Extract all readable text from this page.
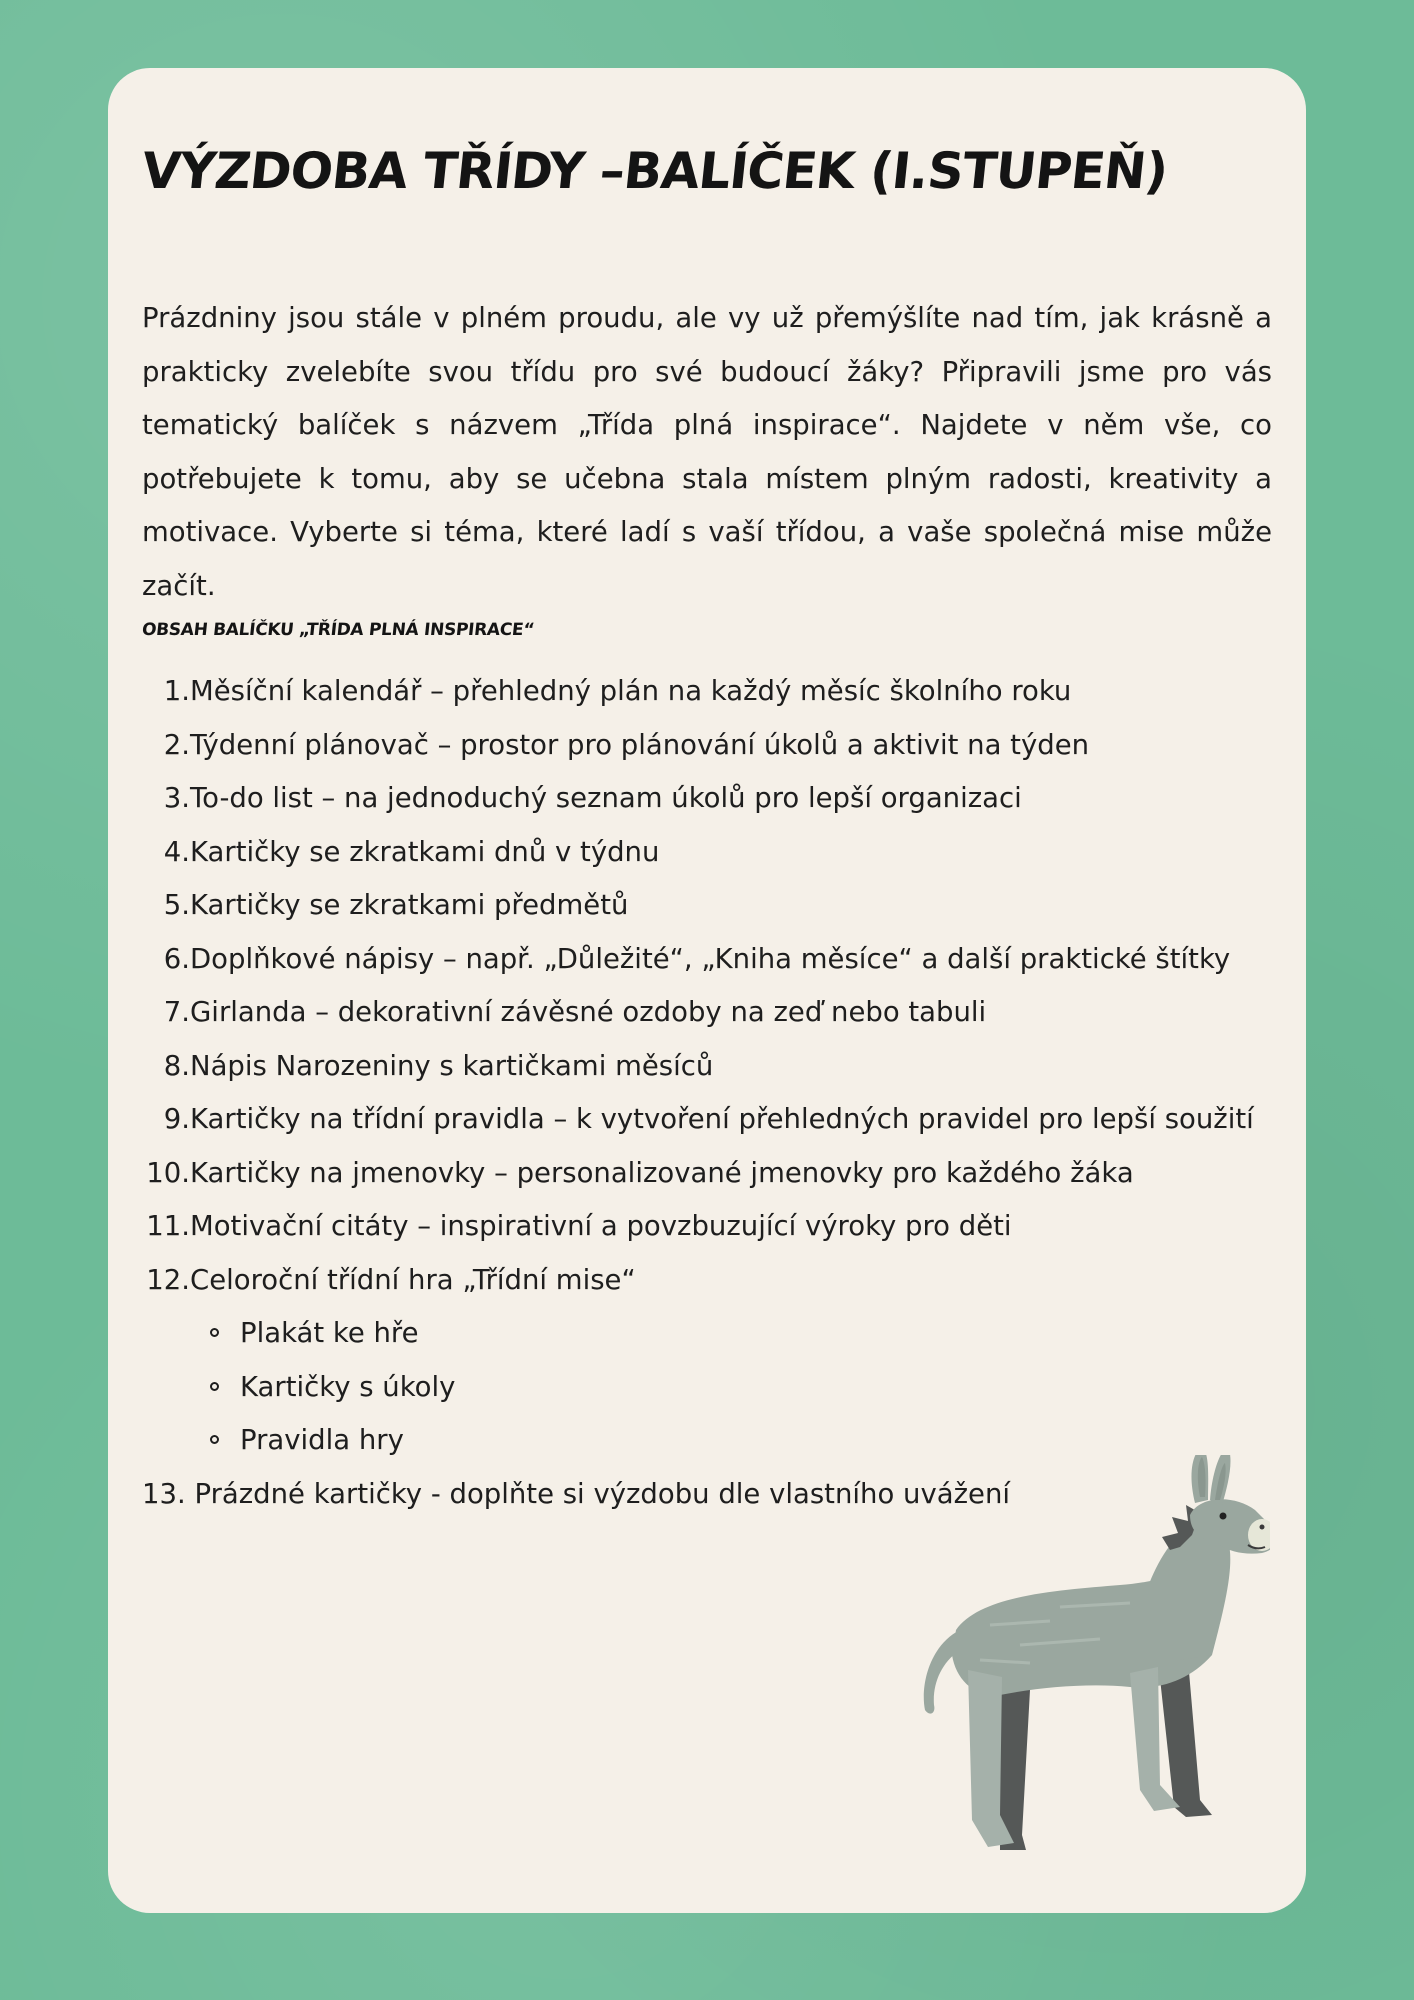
VÝZDOBA TŘÍDY –BALÍČEK (I.STUPEŇ)

Prázdniny jsou stále v plném proudu, ale vy už přemýšlíte nad tím, jak krásně a prakticky zvelebíte svou třídu pro své budoucí žáky? Připravili jsme pro vás tematický balíček s názvem „Třída plná inspirace“. Najdete v něm vše, co potřebujete k tomu, aby se učebna stala místem plným radosti, kreativity a motivace. Vyberte si téma, které ladí s vaší třídou, a vaše společná mise může začít.

OBSAH BALÍČKU „TŘÍDA PLNÁ INSPIRACE“
1. Měsíční kalendář – přehledný plán na každý měsíc školního roku
2. Týdenní plánovač – prostor pro plánování úkolů a aktivit na týden
3. To-do list – na jednoduchý seznam úkolů pro lepší organizaci
4. Kartičky se zkratkami dnů v týdnu
5. Kartičky se zkratkami předmětů
6. Doplňkové nápisy – např. „Důležité“, „Kniha měsíce“ a další praktické štítky
7. Girlanda – dekorativní závěsné ozdoby na zeď nebo tabuli
8. Nápis Narozeniny s kartičkami měsíců
9. Kartičky na třídní pravidla – k vytvoření přehledných pravidel pro lepší soužití
10. Kartičky na jmenovky – personalizované jmenovky pro každého žáka
11. Motivační citáty – inspirativní a povzbuzující výroky pro děti
12. Celoroční třídní hra „Třídní mise“
Plakát ke hře
Kartičky s úkoly
Pravidla hry
13. Prázdné kartičky - doplňte si výzdobu dle vlastního uvážení
